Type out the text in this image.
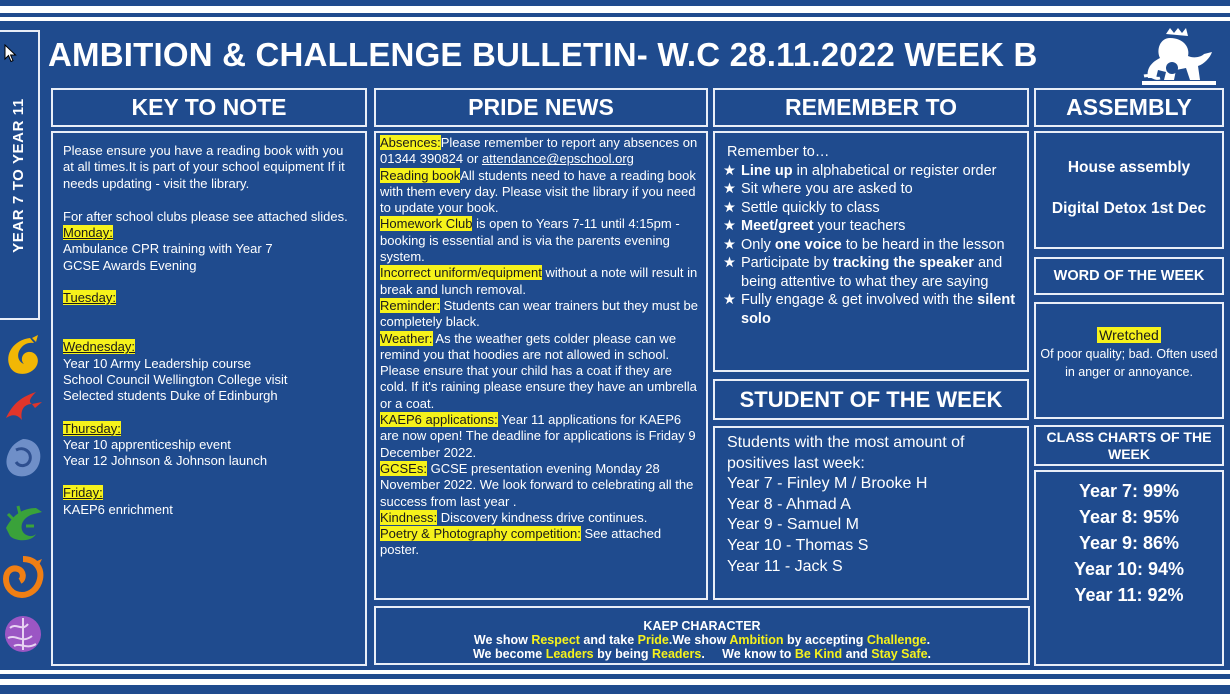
YEAR 7 TO YEAR 11
AMBITION & CHALLENGE BULLETIN- W.C 28.11.2022 WEEK B
KEY TO NOTE

Please ensure you have a reading book with you at all times.It is part of your school equipment If it needs updating - visit the library.

For after school clubs please see attached slides.

Monday:

Ambulance CPR training with Year 7

GCSE Awards Evening

Tuesday:
Wednesday:

Year 10 Army Leadership course

School Council Wellington College visit

Selected students Duke of Edinburgh

Thursday:

Year 10 apprenticeship event

Year 12 Johnson & Johnson launch

Friday:

KAEP6 enrichment

PRIDE NEWS

Absences:Please remember to report any absences on 01344 390824 or attendance@epschool.org

Reading bookAll students need to have a reading book with them every day. Please visit the library if you need to update your book.

Homework Club is open to Years 7-11 until 4:15pm - booking is essential and is via the parents evening system.

Incorrect uniform/equipment without a note will result in break and lunch removal.

Reminder: Students can wear trainers but they must be completely black.

Weather: As the weather gets colder please can we remind you that hoodies are not allowed in school. Please ensure that your child has a coat if they are cold. If it's raining please ensure they have an umbrella or a coat.

KAEP6 applications: Year 11 applications for KAEP6 are now open! The deadline for applications is Friday 9 December 2022.

GCSEs: GCSE presentation evening Monday 28 November 2022. We look forward to celebrating all the success from last year .

Kindness: Discovery kindness drive continues.

Poetry & Photography competition: See attached poster.

REMEMBER TO

Remember to…

★ Line up in alphabetical or register order
★ Sit where you are asked to
★ Settle quickly to class
★ Meet/greet your teachers
★ Only one voice to be heard in the lesson
★ Participate by tracking the speaker and being attentive to what they are saying
★ Fully engage & get involved with the silent solo
STUDENT OF THE WEEK

Students with the most amount of positives last week:

Year 7 - Finley M / Brooke H

Year 8 - Ahmad A

Year 9 - Samuel M

Year 10 - Thomas S

Year 11 - Jack S

KAEP CHARACTER

We show Respect and take Pride.We show Ambition by accepting Challenge.

We become Leaders by being Readers.     We know to Be Kind and Stay Safe.

ASSEMBLY

House assembly

Digital Detox 1st Dec

WORD OF THE WEEK

Wretched

Of poor quality; bad. Often used in anger or annoyance.

CLASS CHARTS OF THE WEEK

Year 7: 99%

Year 8: 95%

Year 9: 86%

Year 10: 94%

Year 11: 92%
